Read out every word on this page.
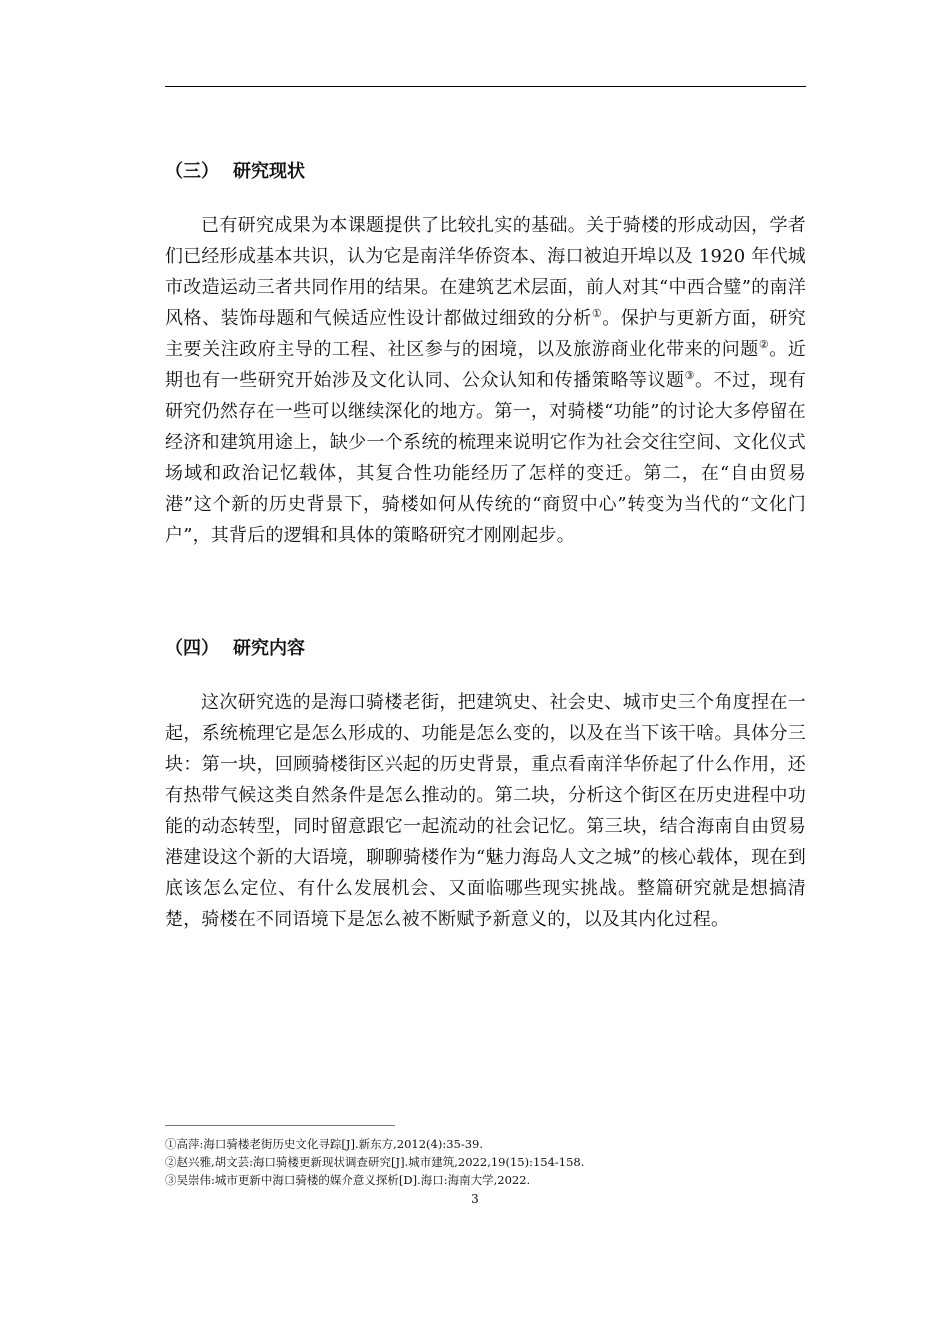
（三） 研究现状

已有研究成果为本课题提供了比较扎实的基础。关于骑楼的形成动因，学者们已经形成基本共识，认为它是南洋华侨资本、海口被迫开埠以及 1920 年代城市改造运动三者共同作用的结果。在建筑艺术层面，前人对其“中西合璧”的南洋风格、装饰母题和气候适应性设计都做过细致的分析①。保护与更新方面，研究主要关注政府主导的工程、社区参与的困境，以及旅游商业化带来的问题②。近期也有一些研究开始涉及文化认同、公众认知和传播策略等议题③。不过，现有研究仍然存在一些可以继续深化的地方。第一，对骑楼“功能”的讨论大多停留在经济和建筑用途上，缺少一个系统的梳理来说明它作为社会交往空间、文化仪式场域和政治记忆载体，其复合性功能经历了怎样的变迁。第二，在“自由贸易港”这个新的历史背景下，骑楼如何从传统的“商贸中心”转变为当代的“文化门户”，其背后的逻辑和具体的策略研究才刚刚起步。

（四） 研究内容

这次研究选的是海口骑楼老街，把建筑史、社会史、城市史三个角度捏在一起，系统梳理它是怎么形成的、功能是怎么变的，以及在当下该干啥。具体分三块：第一块，回顾骑楼街区兴起的历史背景，重点看南洋华侨起了什么作用，还有热带气候这类自然条件是怎么推动的。第二块，分析这个街区在历史进程中功能的动态转型，同时留意跟它一起流动的社会记忆。第三块，结合海南自由贸易港建设这个新的大语境，聊聊骑楼作为“魅力海岛人文之城”的核心载体，现在到底该怎么定位、有什么发展机会、又面临哪些现实挑战。整篇研究就是想搞清楚，骑楼在不同语境下是怎么被不断赋予新意义的，以及其内化过程。

①高萍:海口骑楼老街历史文化寻踪[J].新东方,2012(4):35-39.
②赵兴雅,胡文芸:海口骑楼更新现状调查研究[J].城市建筑,2022,19(15):154-158.
③吴崇伟:城市更新中海口骑楼的媒介意义探析[D].海口:海南大学,2022.
3
